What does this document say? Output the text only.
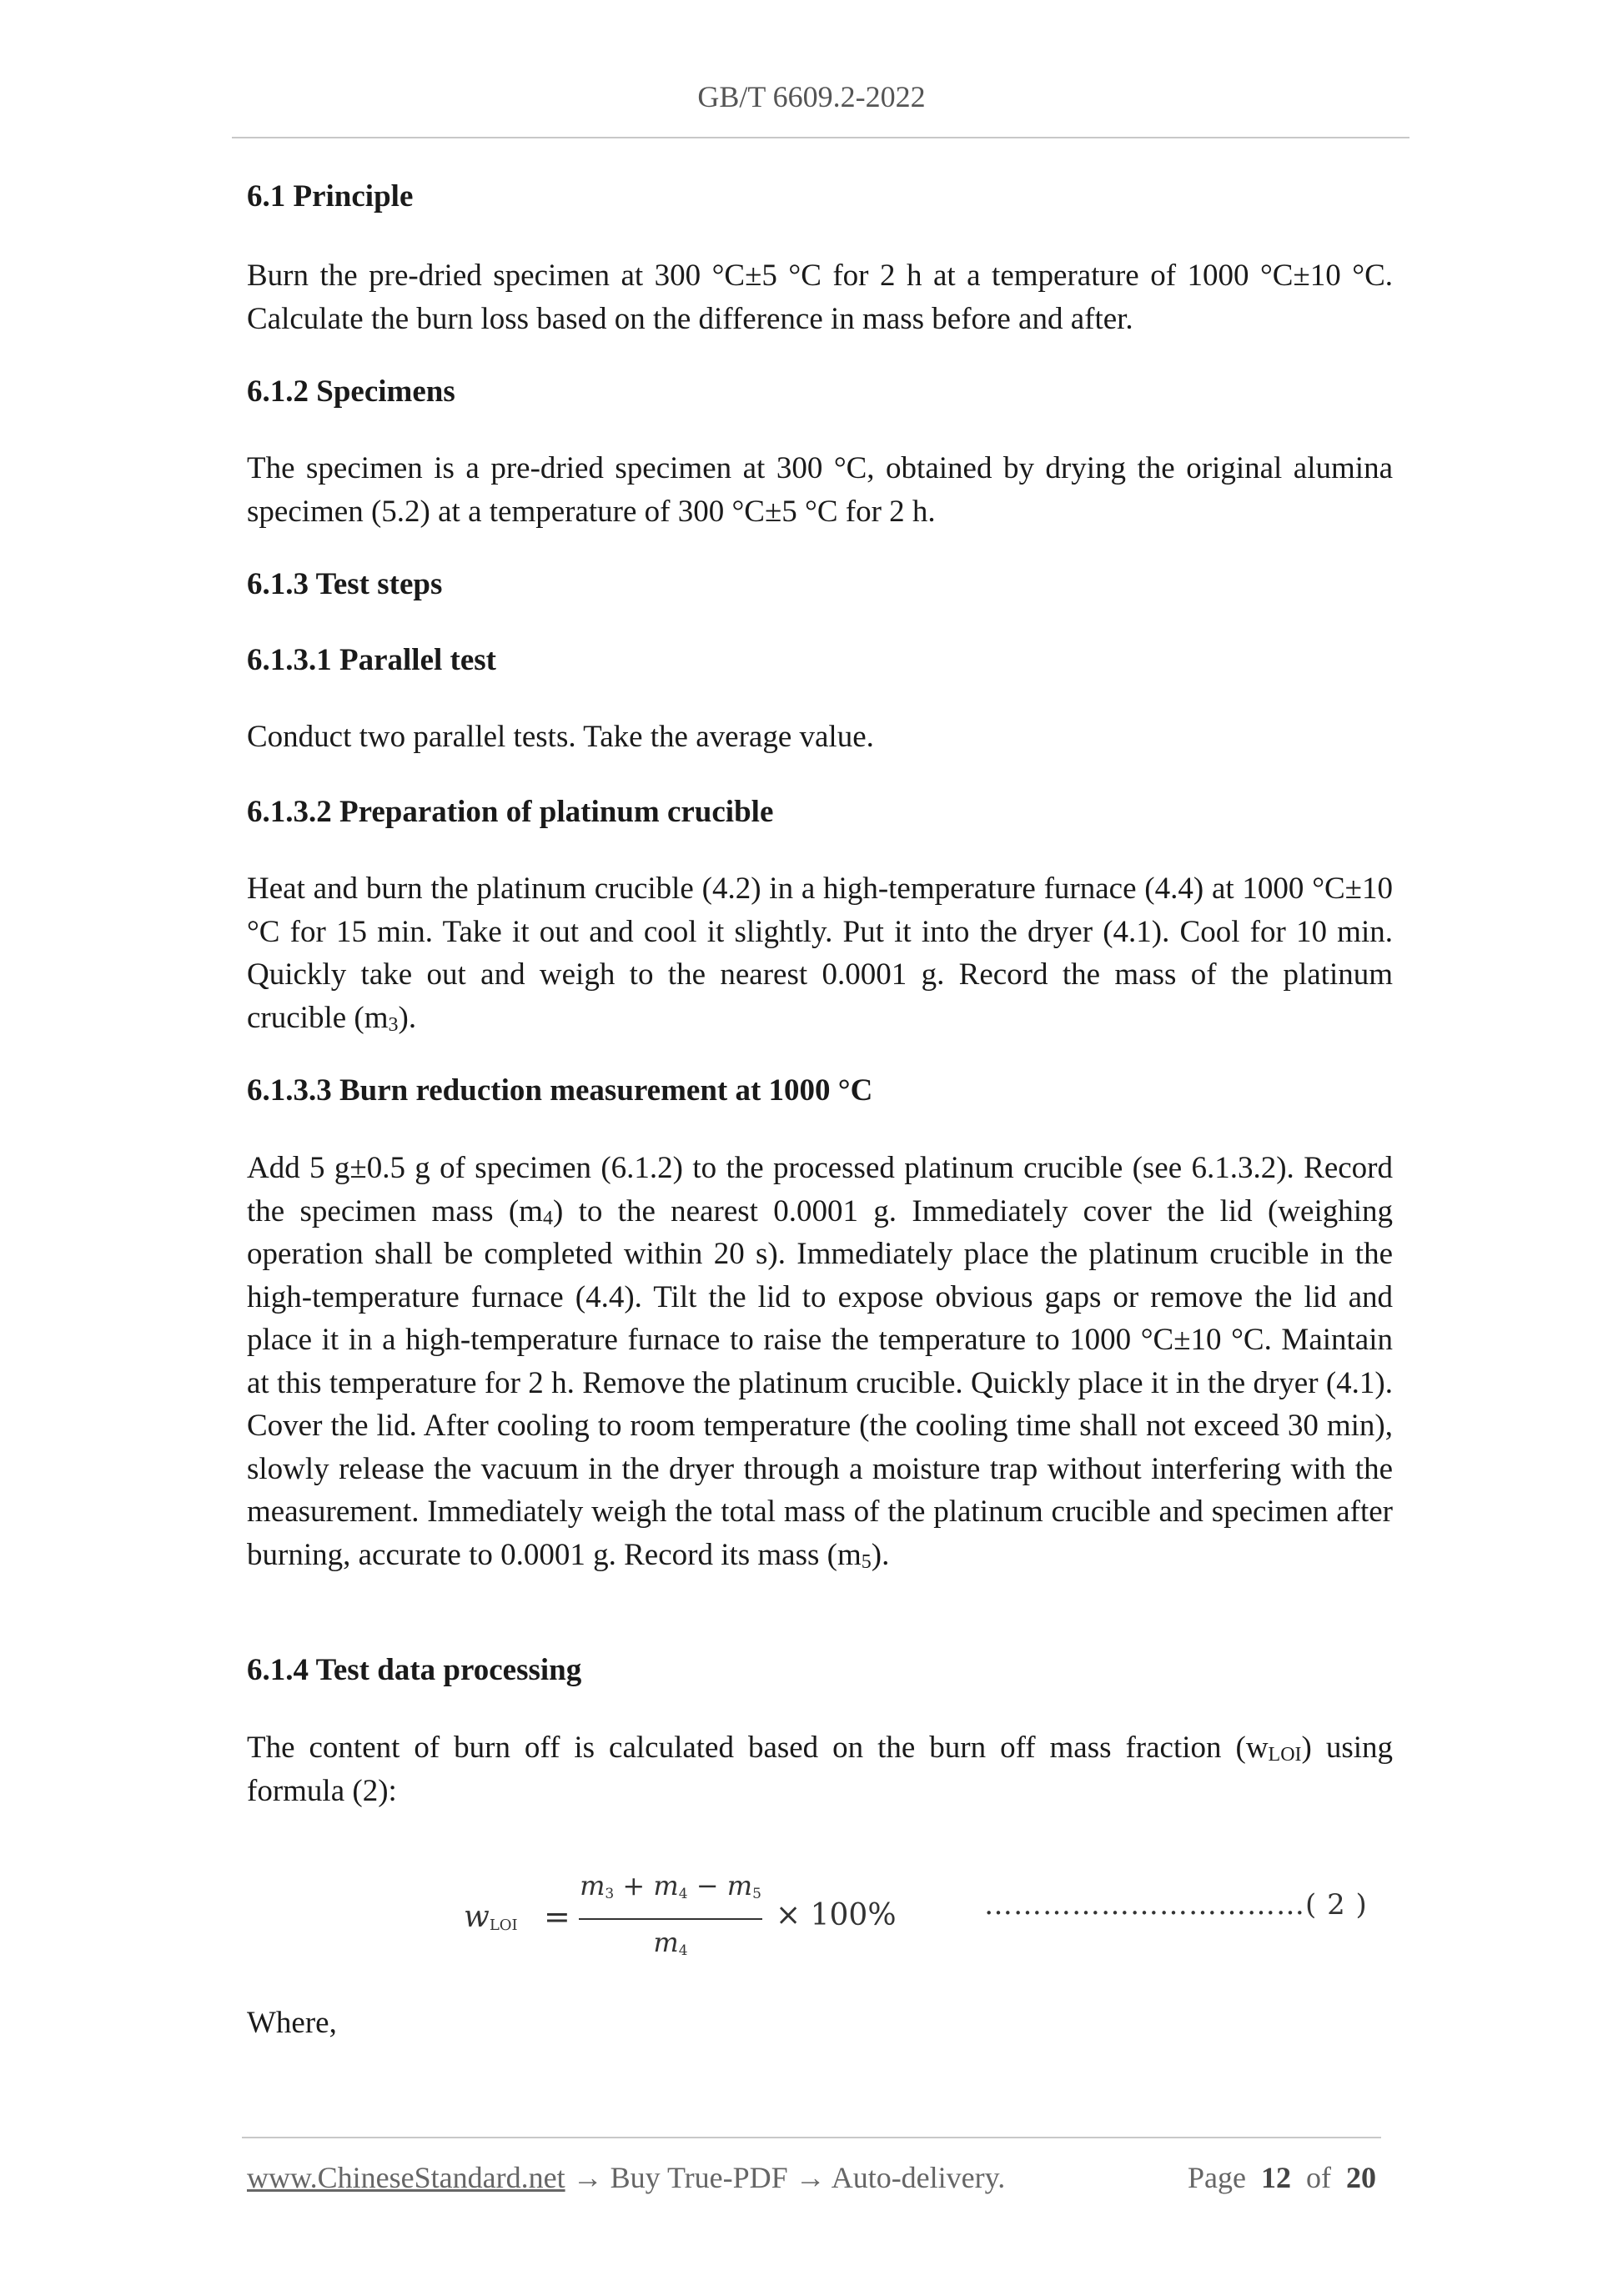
GB/T 6609.2-2022
6.1 Principle
Burn the pre-dried specimen at 300 °C±5 °C for 2 h at a temperature of 1000 °C±10 °C. Calculate the burn loss based on the difference in mass before and after.
6.1.2 Specimens
The specimen is a pre-dried specimen at 300 °C, obtained by drying the original alumina specimen (5.2) at a temperature of 300 °C±5 °C for 2 h.
6.1.3 Test steps
6.1.3.1 Parallel test
Conduct two parallel tests. Take the average value.
6.1.3.2 Preparation of platinum crucible
Heat and burn the platinum crucible (4.2) in a high-temperature furnace (4.4) at 1000 °C±10 °C for 15 min. Take it out and cool it slightly. Put it into the dryer (4.1). Cool for 10 min. Quickly take out and weigh to the nearest 0.0001 g. Record the mass of the platinum crucible $(m_3)$.
6.1.3.3 Burn reduction measurement at 1000 °C
Add 5 g±0.5 g of specimen (6.1.2) to the processed platinum crucible (see 6.1.3.2). Record the specimen mass $(m_4)$ to the nearest 0.0001 g. Immediately cover the lid (weighing operation shall be completed within 20 s). Immediately place the platinum crucible in the high-temperature furnace (4.4). Tilt the lid to expose obvious gaps or remove the lid and place it in a high-temperature furnace to raise the temperature to 1000 °C±10 °C. Maintain at this temperature for 2 h. Remove the platinum crucible. Quickly place it in the dryer (4.1). Cover the lid. After cooling to room temperature (the cooling time shall not exceed 30 min), slowly release the vacuum in the dryer through a moisture trap without interfering with the measurement. Immediately weigh the total mass of the platinum crucible and specimen after burning, accurate to 0.0001 g. Record its mass $(m_5)$.
6.1.4 Test data processing
The content of burn off is calculated based on the burn off mass fraction $(w_{LOI})$ using formula (2):
Where,
$w_{LOI}$ =
$m_3 + m_4 - m_5$
$m_4$
× 100%	……………………………( 2 )
www.ChineseStandard.net → Buy True-PDF → Auto-delivery.	Page 12 of 20
